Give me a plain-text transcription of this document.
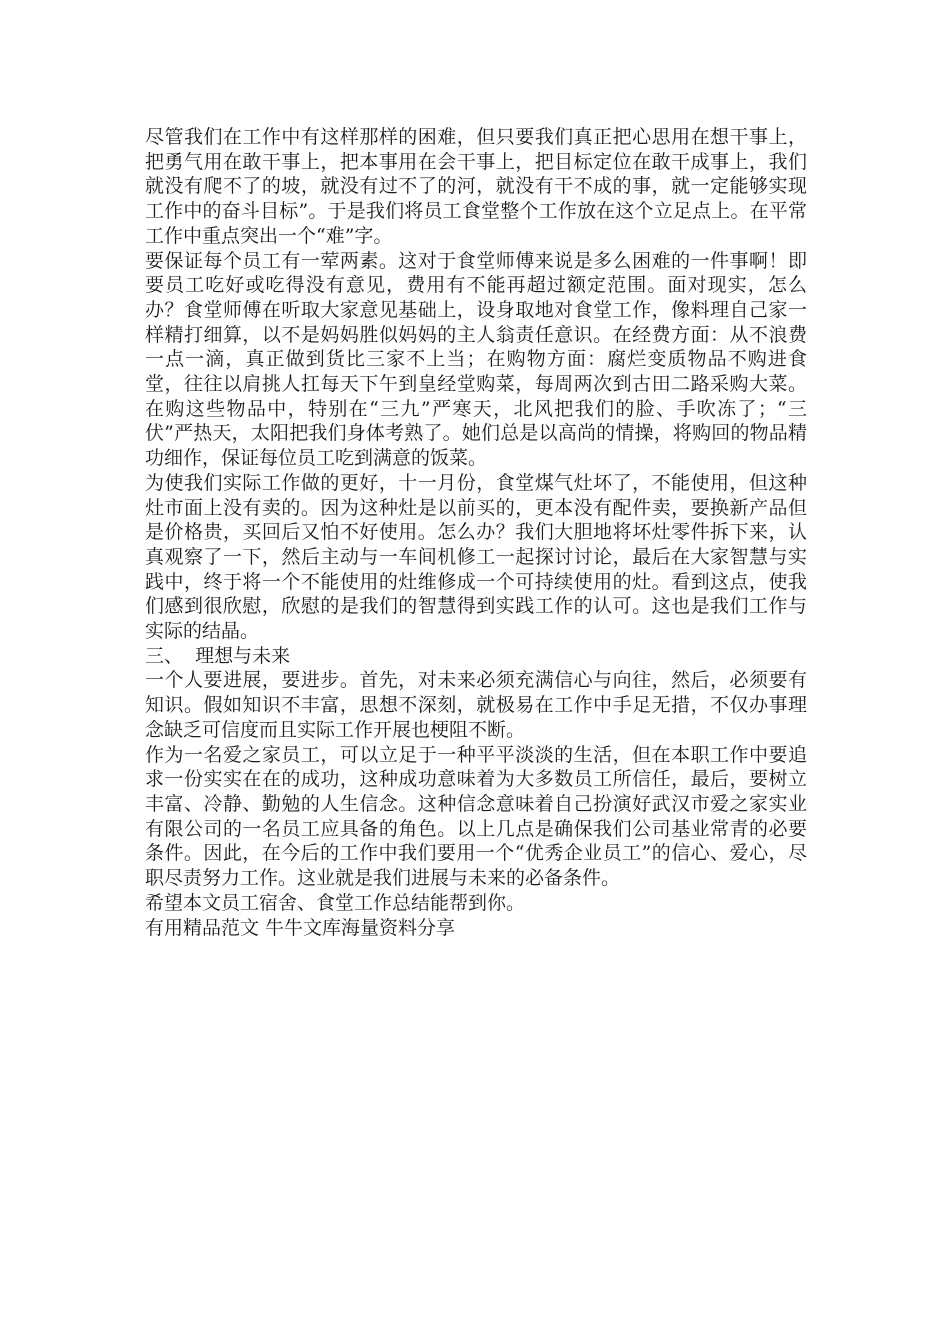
尽管我们在工作中有这样那样的困难，但只要我们真正把心思用在想干事上，把勇气用在敢干事上，把本事用在会干事上，把目标定位在敢干成事上，我们就没有爬不了的坡，就没有过不了的河，就没有干不成的事，就一定能够实现工作中的奋斗目标”。于是我们将员工食堂整个工作放在这个立足点上。在平常工作中重点突出一个“难”字。

要保证每个员工有一荤两素。这对于食堂师傅来说是多么困难的一件事啊！即要员工吃好或吃得没有意见，费用有不能再超过额定范围。面对现实，怎么办？食堂师傅在听取大家意见基础上，设身取地对食堂工作，像料理自己家一样精打细算，以不是妈妈胜似妈妈的主人翁责任意识。在经费方面：从不浪费一点一滴，真正做到货比三家不上当；在购物方面：腐烂变质物品不购进食堂，往往以肩挑人扛每天下午到皇经堂购菜，每周两次到古田二路采购大菜。在购这些物品中，特别在“三九”严寒天，北风把我们的脸、手吹冻了；“三伏”严热天，太阳把我们身体考熟了。她们总是以高尚的情操，将购回的物品精功细作，保证每位员工吃到满意的饭菜。

为使我们实际工作做的更好，十一月份，食堂煤气灶坏了，不能使用，但这种灶市面上没有卖的。因为这种灶是以前买的，更本没有配件卖，要换新产品但是价格贵，买回后又怕不好使用。怎么办？我们大胆地将坏灶零件拆下来，认真观察了一下，然后主动与一车间机修工一起探讨讨论，最后在大家智慧与实践中，终于将一个不能使用的灶维修成一个可持续使用的灶。看到这点，使我们感到很欣慰，欣慰的是我们的智慧得到实践工作的认可。这也是我们工作与实际的结晶。

三、  理想与未来

一个人要进展，要进步。首先，对未来必须充满信心与向往，然后，必须要有知识。假如知识不丰富，思想不深刻，就极易在工作中手足无措，不仅办事理念缺乏可信度而且实际工作开展也梗阻不断。

作为一名爱之家员工，可以立足于一种平平淡淡的生活，但在本职工作中要追求一份实实在在的成功，这种成功意味着为大多数员工所信任，最后，要树立丰富、冷静、勤勉的人生信念。这种信念意味着自己扮演好武汉市爱之家实业有限公司的一名员工应具备的角色。以上几点是确保我们公司基业常青的必要条件。因此，在今后的工作中我们要用一个“优秀企业员工”的信心、爱心，尽职尽责努力工作。这业就是我们进展与未来的必备条件。

希望本文员工宿舍、食堂工作总结能帮到你。

有用精品范文 牛牛文库海量资料分享
